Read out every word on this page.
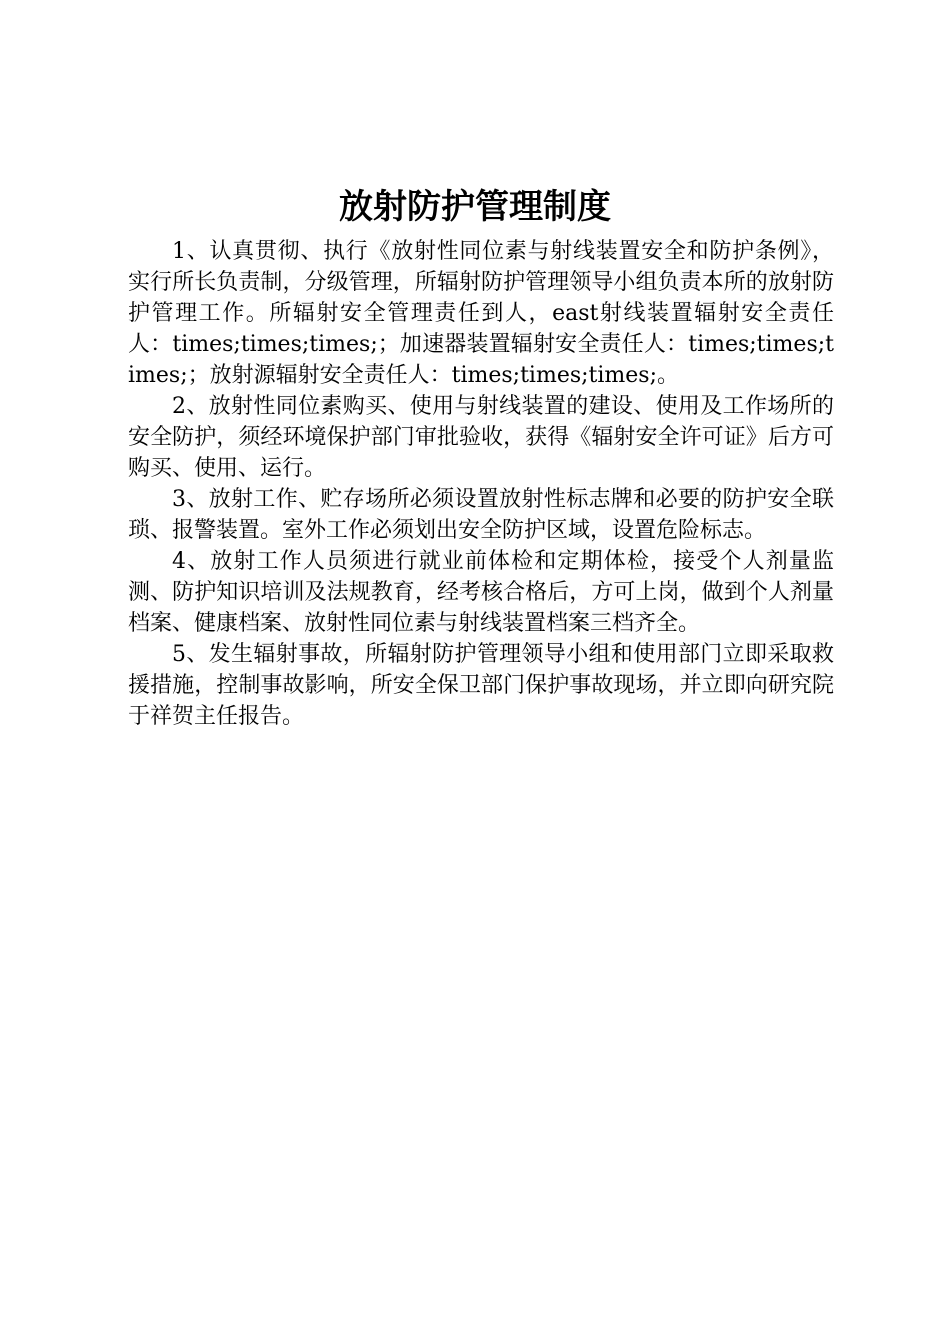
放射防护管理制度

1、认真贯彻、执行《放射性同位素与射线装置安全和防护条例》，实行所长负责制，分级管理，所辐射防护管理领导小组负责本所的放射防护管理工作。所辐射安全管理责任到人，east射线装置辐射安全责任人：times;times;times;；加速器装置辐射安全责任人：times;times;times;；放射源辐射安全责任人：times;times;times;。

2、放射性同位素购买、使用与射线装置的建设、使用及工作场所的安全防护，须经环境保护部门审批验收，获得《辐射安全许可证》后方可购买、使用、运行。

3、放射工作、贮存场所必须设置放射性标志牌和必要的防护安全联琐、报警装置。室外工作必须划出安全防护区域，设置危险标志。

4、放射工作人员须进行就业前体检和定期体检，接受个人剂量监测、防护知识培训及法规教育，经考核合格后，方可上岗，做到个人剂量档案、健康档案、放射性同位素与射线装置档案三档齐全。

5、发生辐射事故，所辐射防护管理领导小组和使用部门立即采取救援措施，控制事故影响，所安全保卫部门保护事故现场，并立即向研究院于祥贺主任报告。
